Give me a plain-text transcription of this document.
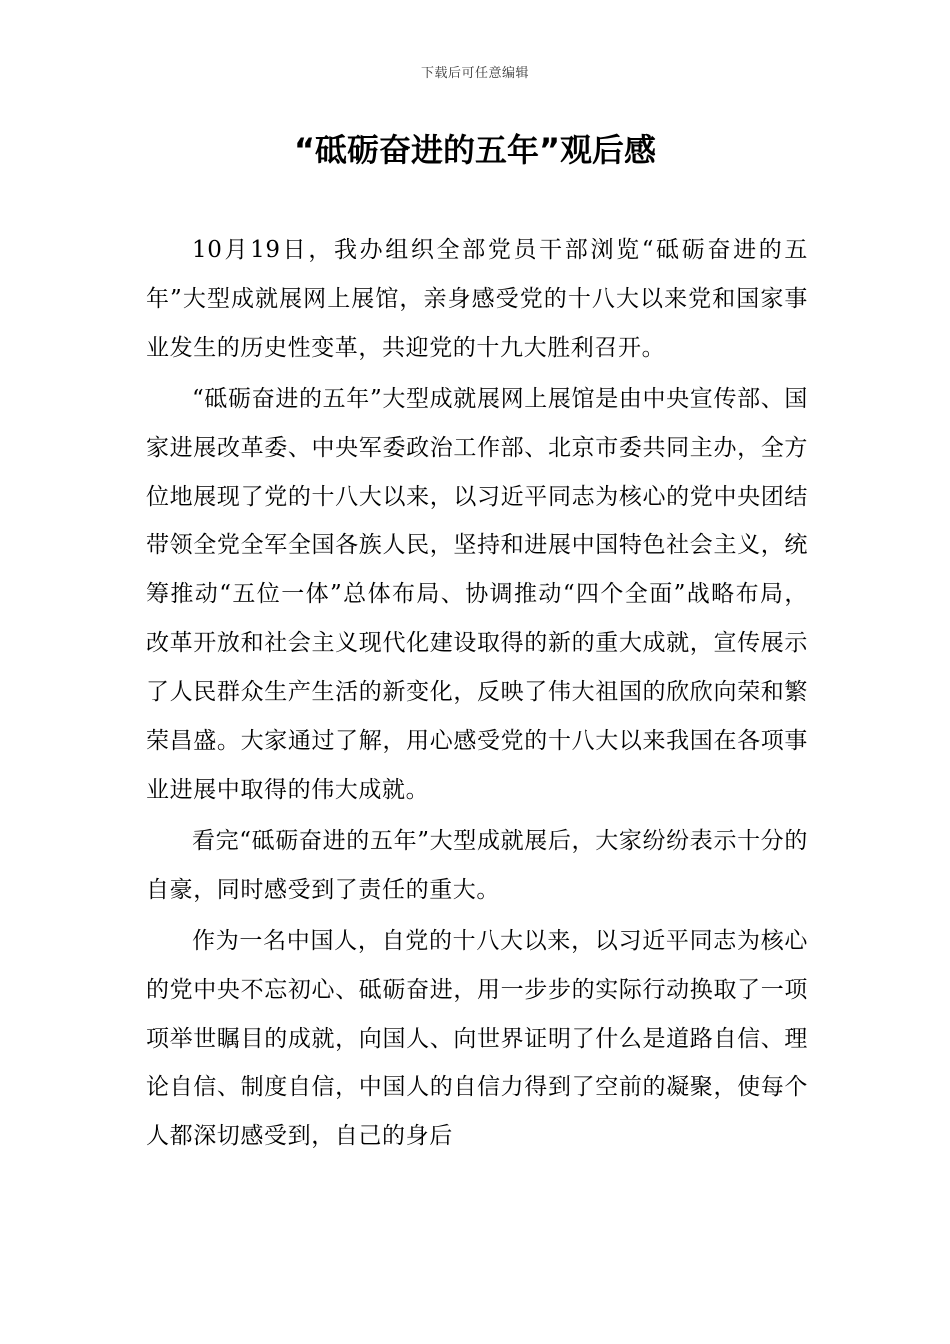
下载后可任意编辑
“砥砺奋进的五年”观后感

10月19日，我办组织全部党员干部浏览“砥砺奋进的五年”大型成就展网上展馆，亲身感受党的十八大以来党和国家事业发生的历史性变革，共迎党的十九大胜利召开。

“砥砺奋进的五年”大型成就展网上展馆是由中央宣传部、国家进展改革委、中央军委政治工作部、北京市委共同主办，全方位地展现了党的十八大以来，以习近平同志为核心的党中央团结带领全党全军全国各族人民，坚持和进展中国特色社会主义，统筹推动“五位一体”总体布局、协调推动“四个全面”战略布局，改革开放和社会主义现代化建设取得的新的重大成就，宣传展示了人民群众生产生活的新变化，反映了伟大祖国的欣欣向荣和繁荣昌盛。大家通过了解，用心感受党的十八大以来我国在各项事业进展中取得的伟大成就。

看完“砥砺奋进的五年”大型成就展后，大家纷纷表示十分的自豪，同时感受到了责任的重大。

作为一名中国人，自党的十八大以来，以习近平同志为核心的党中央不忘初心、砥砺奋进，用一步步的实际行动换取了一项项举世瞩目的成就，向国人、向世界证明了什么是道路自信、理论自信、制度自信，中国人的自信力得到了空前的凝聚，使每个人都深切感受到，自己的身后
